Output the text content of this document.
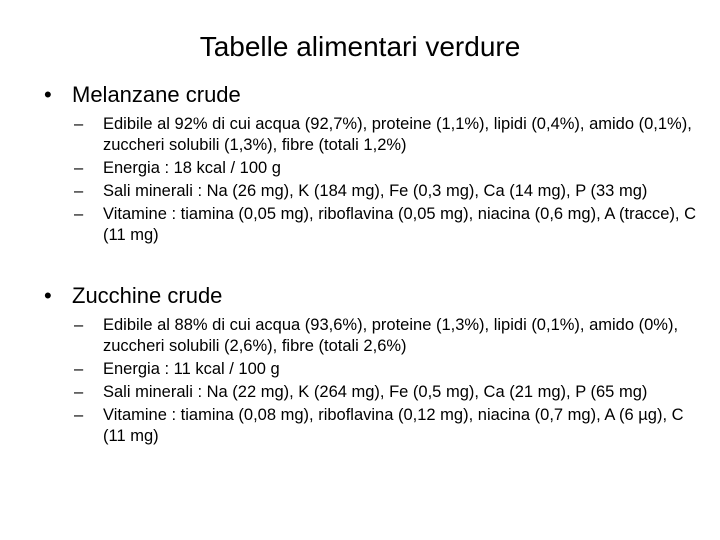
Tabelle alimentari verdure
• Melanzane crude
– Edibile al 92% di cui acqua (92,7%), proteine (1,1%), lipidi (0,4%), amido (0,1%), zuccheri solubili (1,3%), fibre (totali 1,2%)
– Energia : 18 kcal / 100 g
– Sali minerali : Na (26 mg), K (184 mg), Fe (0,3 mg), Ca (14 mg), P (33 mg)
– Vitamine : tiamina (0,05 mg), riboflavina (0,05 mg), niacina (0,6 mg), A (tracce), C (11 mg)
• Zucchine crude
– Edibile al 88% di cui acqua (93,6%), proteine (1,3%), lipidi (0,1%), amido (0%), zuccheri solubili (2,6%), fibre (totali 2,6%)
– Energia : 11 kcal / 100 g
– Sali minerali : Na (22 mg), K (264 mg), Fe (0,5 mg), Ca (21 mg), P (65 mg)
– Vitamine : tiamina (0,08 mg), riboflavina (0,12 mg), niacina (0,7 mg), A (6 µg), C (11 mg)
